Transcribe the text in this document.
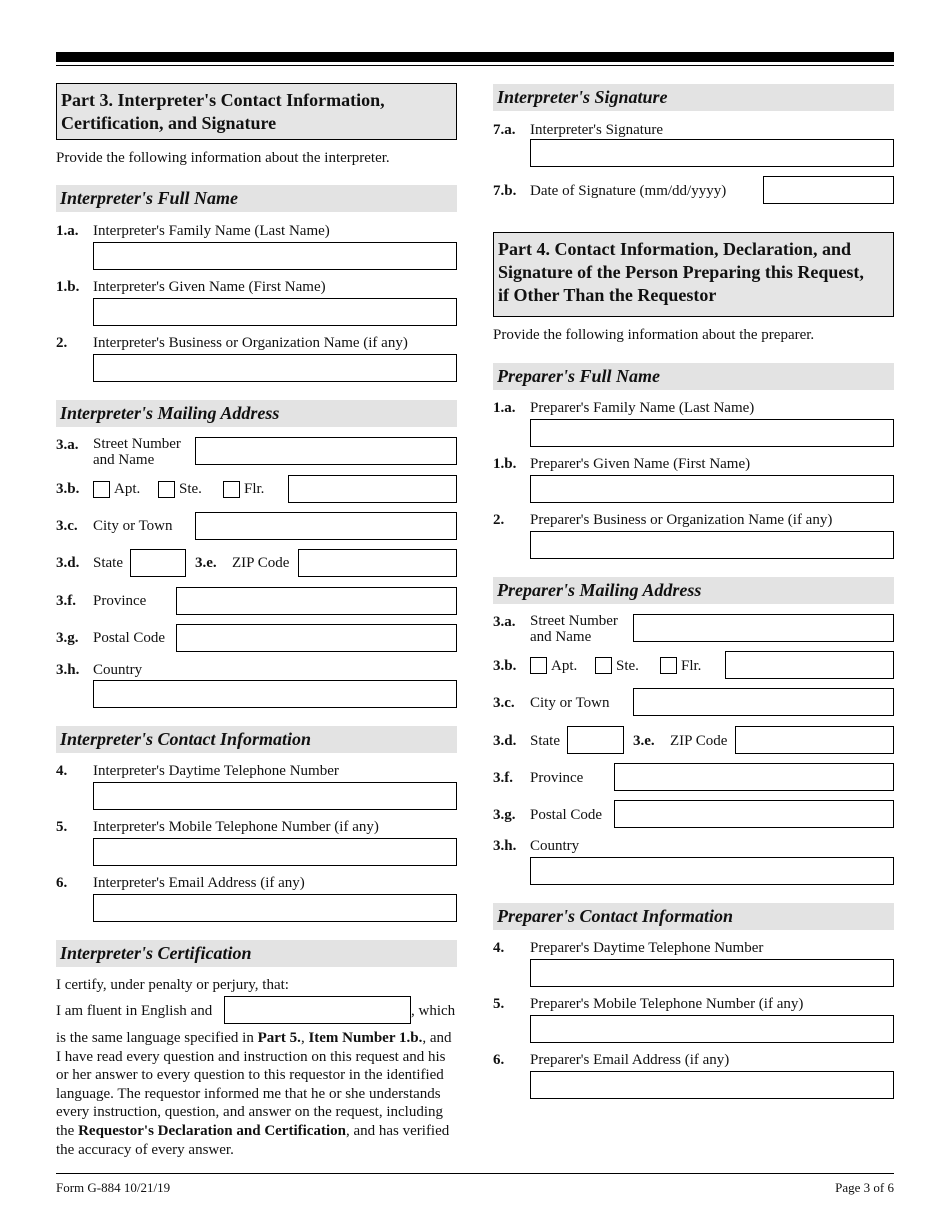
Part 3. Interpreter's Contact Information,
Certification, and Signature
Provide the following information about the interpreter.
Interpreter's Full Name
1.a. Interpreter's Family Name (Last Name)
1.b. Interpreter's Given Name (First Name)
2. Interpreter's Business or Organization Name (if any)
Interpreter's Mailing Address
3.a. Street Number
and Name
3.b. Apt.	Ste.	Flr.
3.c. City or Town
3.d. State	3.e. ZIP Code
3.f. Province
3.g. Postal Code
3.h. Country
Interpreter's Contact Information
4. Interpreter's Daytime Telephone Number
5. Interpreter's Mobile Telephone Number (if any)
6. Interpreter's Email Address (if any)
Interpreter's Certification
I certify, under penalty or perjury, that:
I am fluent in English and	, which
is the same language specified in Part 5., Item Number 1.b., and I have read every question and instruction on this request and his or her answer to every question to this requestor in the identified language. The requestor informed me that he or she understands every instruction, question, and answer on the request, including the Requestor's Declaration and Certification, and has verified the accuracy of every answer.
Interpreter's Signature
7.a. Interpreter's Signature
7.b. Date of Signature (mm/dd/yyyy)
Part 4. Contact Information, Declaration, and
Signature of the Person Preparing this Request,
if Other Than the Requestor
Provide the following information about the preparer.
Preparer's Full Name
1.a. Preparer's Family Name (Last Name)
1.b. Preparer's Given Name (First Name)
2. Preparer's Business or Organization Name (if any)
Preparer's Mailing Address
3.a. Street Number
and Name
3.b. Apt.	Ste.	Flr.
3.c. City or Town
3.d. State	3.e. ZIP Code
3.f. Province
3.g. Postal Code
3.h. Country
Preparer's Contact Information
4. Preparer's Daytime Telephone Number
5. Preparer's Mobile Telephone Number (if any)
6. Preparer's Email Address (if any)
Form G-884 10/21/19	Page 3 of 6
